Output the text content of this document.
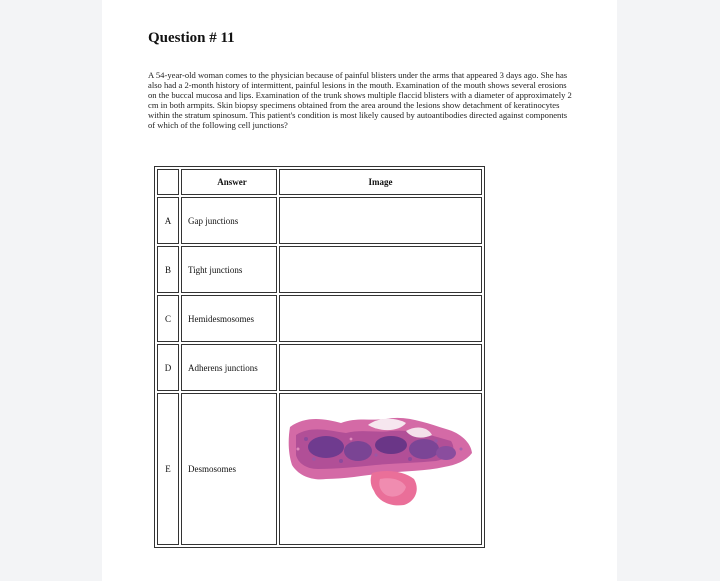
Question # 11

A 54-year-old woman comes to the physician because of painful blisters under the arms that appeared 3 days ago. She has also had a 2-month history of intermittent, painful lesions in the mouth. Examination of the mouth shows several erosions on the buccal mucosa and lips. Examination of the trunk shows multiple flaccid blisters with a diameter of approximately 2 cm in both armpits. Skin biopsy specimens obtained from the area around the lesions show detachment of keratinocytes within the stratum spinosum. This patient's condition is most likely caused by autoantibodies directed against components of which of the following cell junctions?

	Answer	Image
A	Gap junctions	
B	Tight junctions	
C	Hemidesmosomes	
D	Adherens junctions	
E	Desmosomes	
